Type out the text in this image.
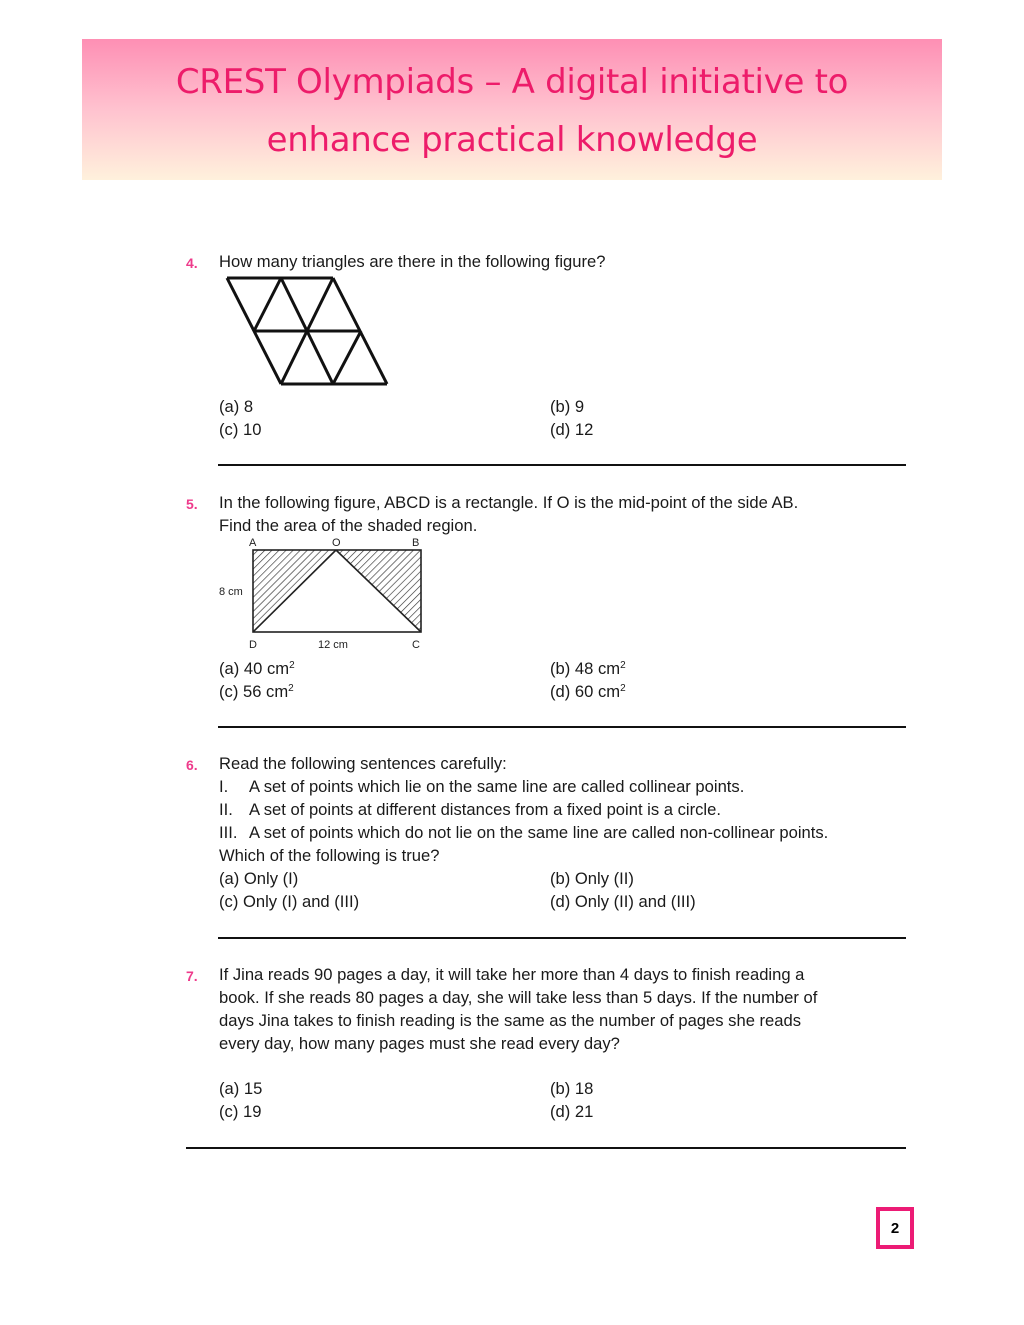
CREST Olympiads – A digital initiative to
enhance practical knowledge
4. How many triangles are there in the following figure?
(a) 8	(b) 9
(c) 10	(d) 12
5. In the following figure, ABCD is a rectangle. If O is the mid-point of the side AB.
Find the area of the shaded region.
A	O	B
8 cm
D	12 cm	C
(a) 40 $cm^2$	(b) 48 $cm^2$
(c) 56 $cm^2$	(d) 60 $cm^2$
6. Read the following sentences carefully:
I. A set of points which lie on the same line are called collinear points.
II. A set of points at different distances from a fixed point is a circle.
III. A set of points which do not lie on the same line are called non-collinear points.
Which of the following is true?
(a) Only (I)	(b) Only (II)
(c) Only (I) and (III)	(d) Only (II) and (III)
7. If Jina reads 90 pages a day, it will take her more than 4 days to finish reading a
book. If she reads 80 pages a day, she will take less than 5 days. If the number of
days Jina takes to finish reading is the same as the number of pages she reads
every day, how many pages must she read every day?
(a) 15	(b) 18
(c) 19	(d) 21
2
